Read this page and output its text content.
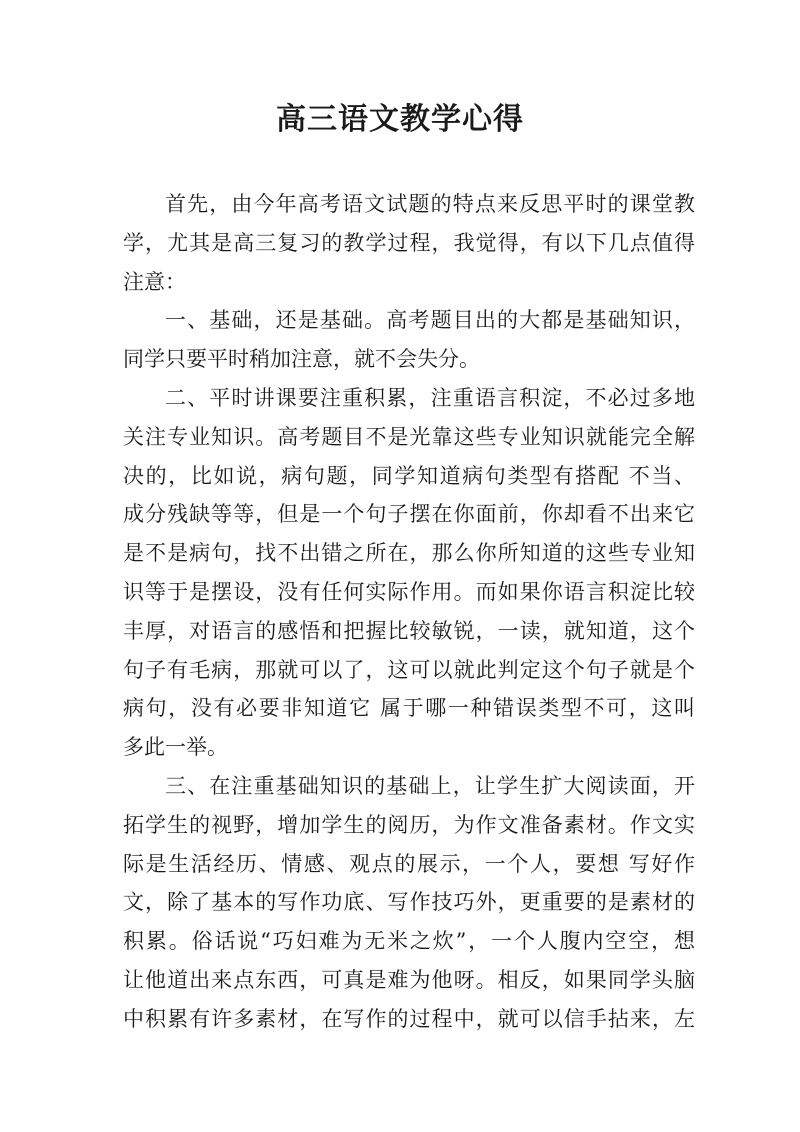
高三语文教学心得
首先，由今年高考语文试题的特点来反思平时的课堂教
学，尤其是高三复习的教学过程，我觉得，有以下几点值得
注意：
一、基础，还是基础。高考题目出的大都是基础知识，
同学只要平时稍加注意，就不会失分。
二、平时讲课要注重积累，注重语言积淀，不必过多地
关注专业知识。高考题目不是光靠这些专业知识就能完全解
决的，比如说，病句题，同学知道病句类型有搭配 不当、
成分残缺等等，但是一个句子摆在你面前，你却看不出来它
是不是病句，找不出错之所在，那么你所知道的这些专业知
识等于是摆设，没有任何实际作用。而如果你语言积淀比较
丰厚，对语言的感悟和把握比较敏锐，一读，就知道，这个
句子有毛病，那就可以了，这可以就此判定这个句子就是个
病句，没有必要非知道它 属于哪一种错误类型不可，这叫
多此一举。
三、在注重基础知识的基础上，让学生扩大阅读面，开
拓学生的视野，增加学生的阅历，为作文准备素材。作文实
际是生活经历、情感、观点的展示，一个人，要想 写好作
文，除了基本的写作功底、写作技巧外，更重要的是素材的
积累。俗话说“巧妇难为无米之炊”，一个人腹内空空，想
让他道出来点东西，可真是难为他呀。相反，如果同学头脑
中积累有许多素材，在写作的过程中，就可以信手拈来，左
